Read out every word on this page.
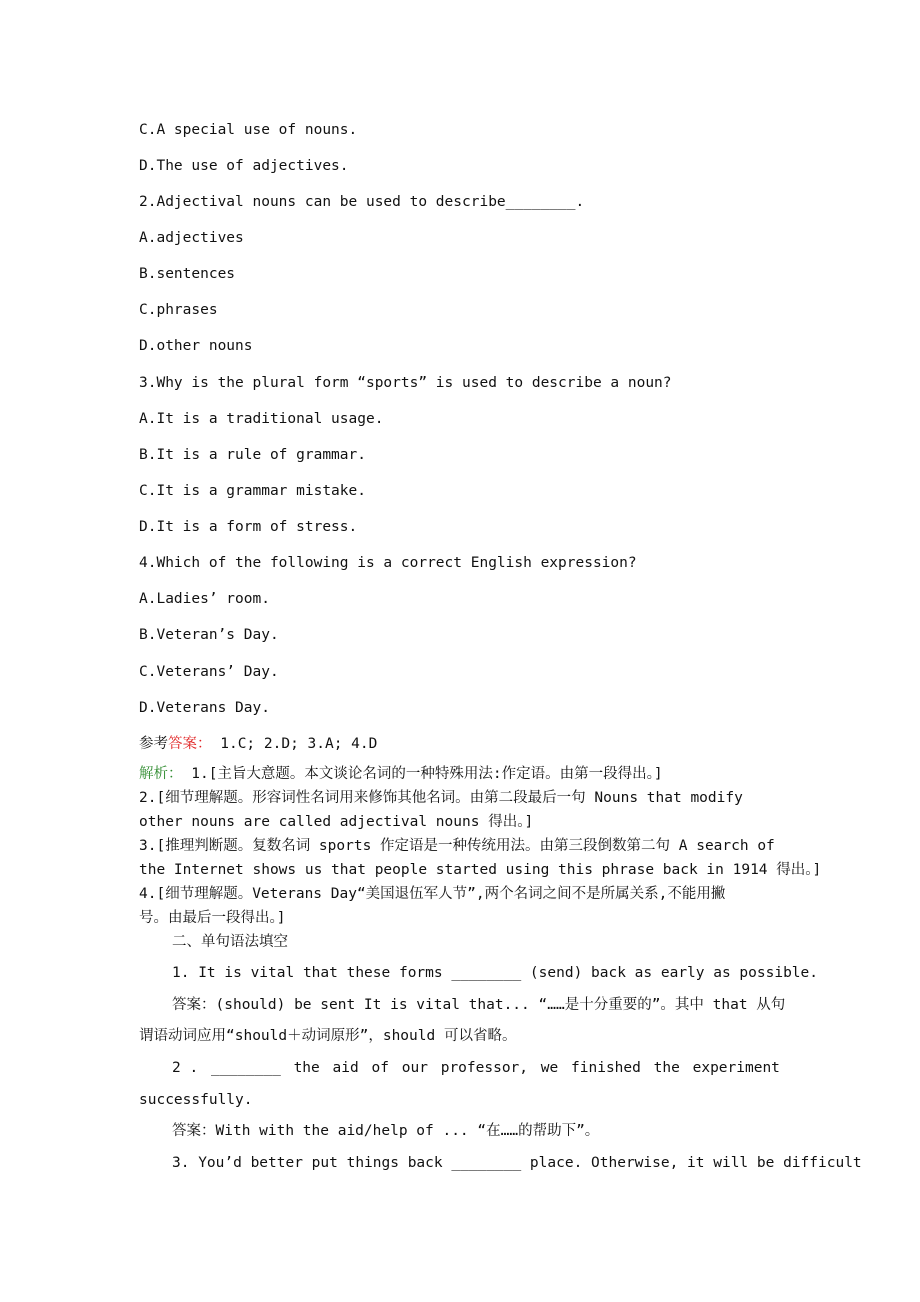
C.A special use of nouns.
D.The use of adjectives.
2.Adjectival nouns can be used to describe________.
A.adjectives
B.sentences
C.phrases
D.other nouns
3.Why is the plural form “sports” is used to describe a noun?
A.It is a traditional usage.
B.It is a rule of grammar.
C.It is a grammar mistake.
D.It is a form of stress.
4.Which of the following is a correct English expression?
A.Ladies’ room.
B.Veteran’s Day.
C.Veterans’ Day.
D.Veterans Day.
参考答案： 1.C; 2.D; 3.A; 4.D
解析： 1.[主旨大意题。本文谈论名词的一种特殊用法:作定语。由第一段得出。]
2.[细节理解题。形容词性名词用来修饰其他名词。由第二段最后一句 Nouns that modify
other nouns are called adjectival nouns 得出。]
3.[推理判断题。复数名词 sports 作定语是一种传统用法。由第三段倒数第二句 A search of
the Internet shows us that people started using this phrase back in 1914 得出。]
4.[细节理解题。Veterans Day“美国退伍军人节”,两个名词之间不是所属关系,不能用撇
号。由最后一段得出。]
二、单句语法填空
1. It is vital that these forms ________ (send) back as early as possible.
答案：(should) be sent It is vital that... “……是十分重要的”。其中 that 从句
谓语动词应用“should＋动词原形”，should 可以省略。
2 . ________ the aid of our professor, we finished the experiment
successfully.
答案：With with the aid/help of ... “在……的帮助下”。
3. You’d better put things back ________ place. Otherwise, it will be difficult
